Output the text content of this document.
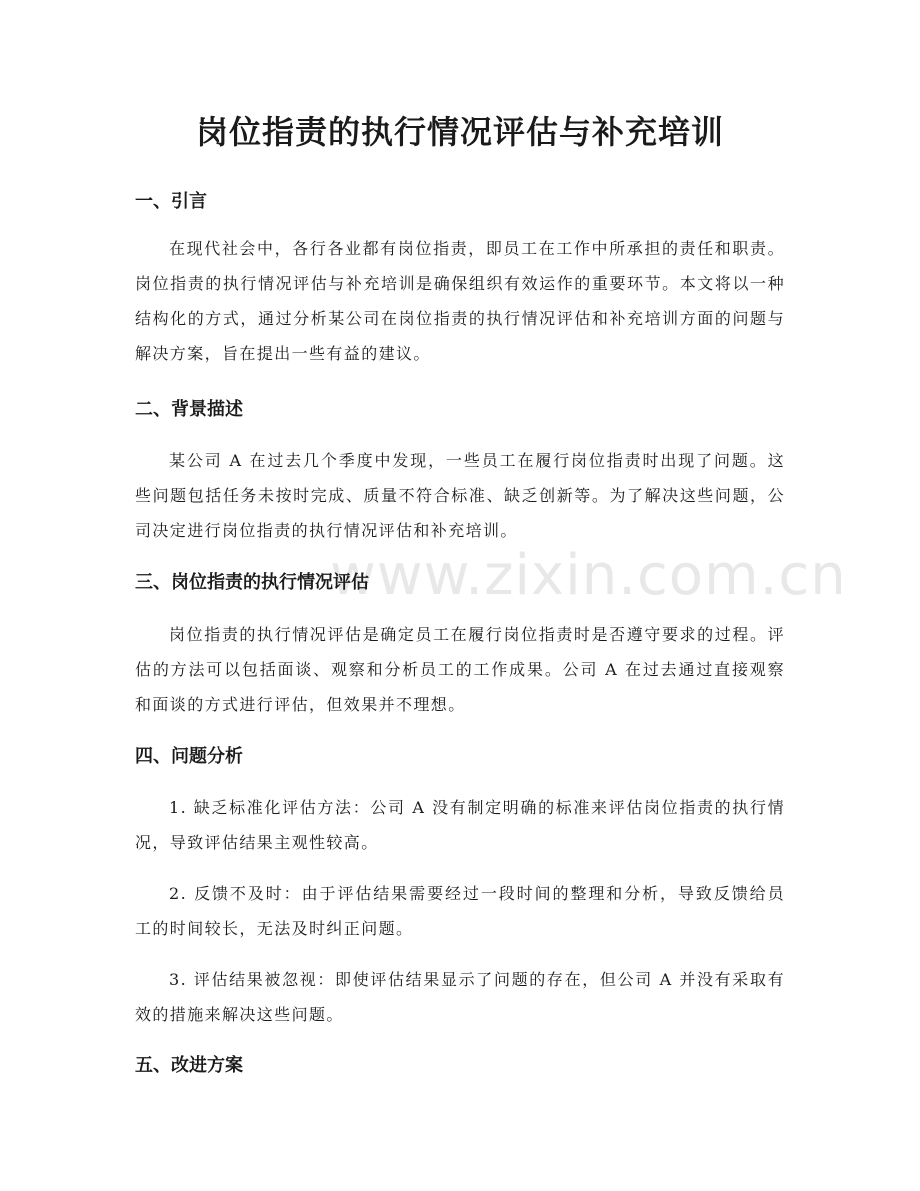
www.zixin.com.cn
岗位指责的执行情况评估与补充培训
一、引言

在现代社会中，各行各业都有岗位指责，即员工在工作中所承担的责任和职责。岗位指责的执行情况评估与补充培训是确保组织有效运作的重要环节。本文将以一种结构化的方式，通过分析某公司在岗位指责的执行情况评估和补充培训方面的问题与解决方案，旨在提出一些有益的建议。

二、背景描述

某公司 A 在过去几个季度中发现，一些员工在履行岗位指责时出现了问题。这些问题包括任务未按时完成、质量不符合标准、缺乏创新等。为了解决这些问题，公司决定进行岗位指责的执行情况评估和补充培训。

三、岗位指责的执行情况评估

岗位指责的执行情况评估是确定员工在履行岗位指责时是否遵守要求的过程。评估的方法可以包括面谈、观察和分析员工的工作成果。公司 A 在过去通过直接观察和面谈的方式进行评估，但效果并不理想。

四、问题分析

1. 缺乏标准化评估方法：公司 A 没有制定明确的标准来评估岗位指责的执行情况，导致评估结果主观性较高。

2. 反馈不及时：由于评估结果需要经过一段时间的整理和分析，导致反馈给员工的时间较长，无法及时纠正问题。

3. 评估结果被忽视：即使评估结果显示了问题的存在，但公司 A 并没有采取有效的措施来解决这些问题。

五、改进方案
